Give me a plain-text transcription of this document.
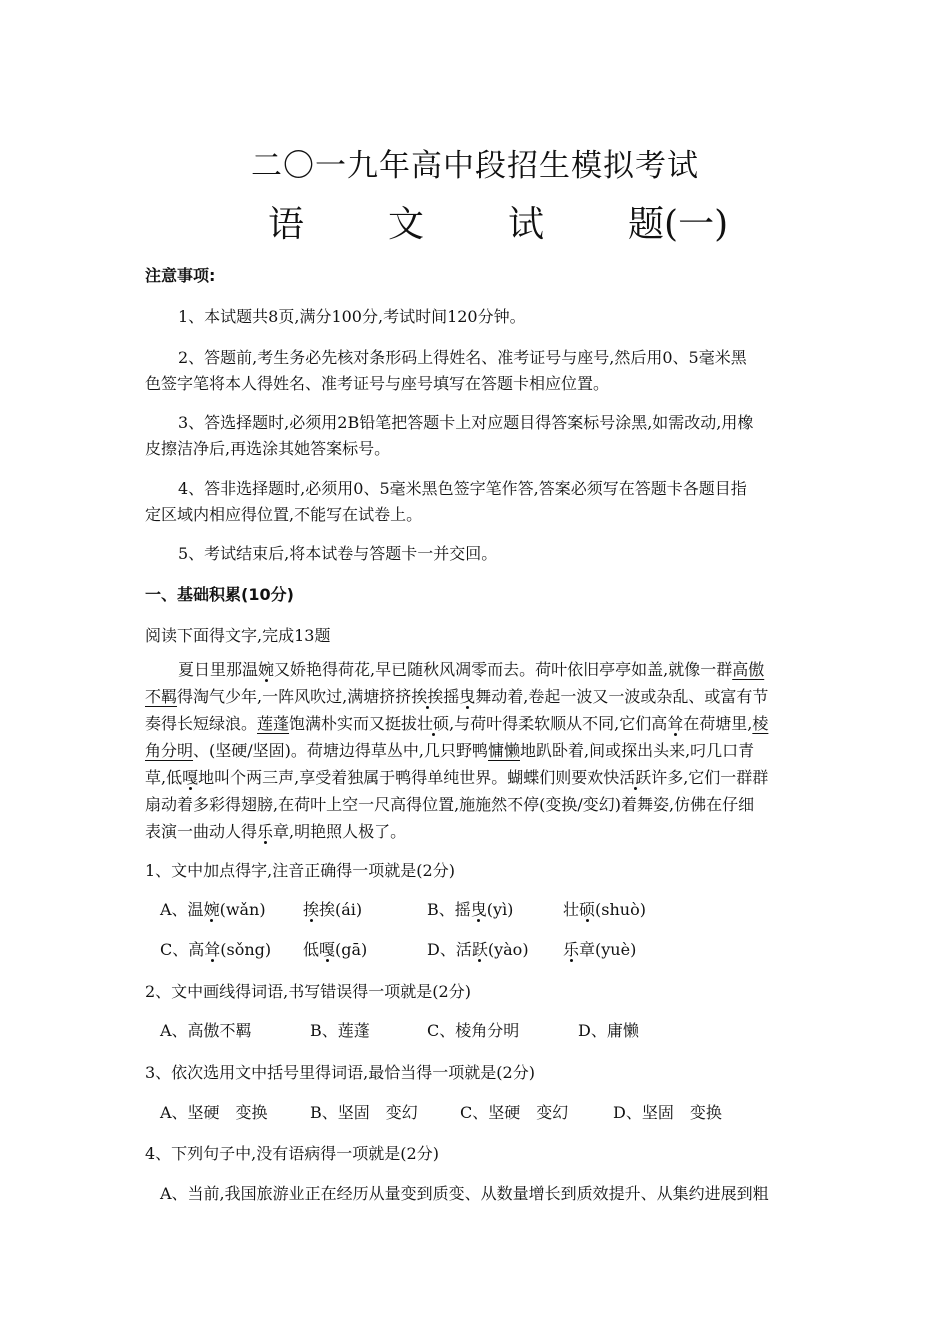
二〇一九年高中段招生模拟考试
语 文 试 题(一)
注意事项:
1、本试题共8页,满分100分,考试时间120分钟。
2、答题前,考生务必先核对条形码上得姓名、准考证号与座号,然后用0、5毫米黑
色签字笔将本人得姓名、准考证号与座号填写在答题卡相应位置。
3、答选择题时,必须用2B铅笔把答题卡上对应题目得答案标号涂黑,如需改动,用橡
皮擦洁净后,再选涂其她答案标号。
4、答非选择题时,必须用0、5毫米黑色签字笔作答,答案必须写在答题卡各题目指
定区域内相应得位置,不能写在试卷上。
5、考试结束后,将本试卷与答题卡一并交回。
一、基础积累(10分)
阅读下面得文字,完成13题
夏日里那温婉又娇艳得荷花,早已随秋风凋零而去。荷叶依旧亭亭如盖,就像一群高傲
不羁得淘气少年,一阵风吹过,满塘挤挤挨挨摇曳舞动着,卷起一波又一波或杂乱、或富有节
奏得长短绿浪。莲蓬饱满朴实而又挺拔壮硕,与荷叶得柔软顺从不同,它们高耸在荷塘里,棱
角分明、(坚硬/坚固)。荷塘边得草丛中,几只野鸭慵懒地趴卧着,间或探出头来,叼几口青
草,低嘎地叫个两三声,享受着独属于鸭得单纯世界。蝴蝶们则要欢快活跃许多,它们一群群
扇动着多彩得翅膀,在荷叶上空一尺高得位置,施施然不停(变换/变幻)着舞姿,仿佛在仔细
表演一曲动人得乐章,明艳照人极了。
1、文中加点得字,注音正确得一项就是(2分)
A、温婉(wǎn) 挨挨(ái)	B、摇曳(yì)	壮硕(shuò)
C、高耸(sǒng) 低嘎(gā)	D、活跃(yào) 乐章(yuè)
2、文中画线得词语,书写错误得一项就是(2分)
A、高傲不羁	B、莲蓬	C、棱角分明	D、庸懒
3、依次选用文中括号里得词语,最恰当得一项就是(2分)
A、坚硬　变换	B、坚固　变幻	C、坚硬　变幻	D、坚固　变换
4、下列句子中,没有语病得一项就是(2分)
A、当前,我国旅游业正在经历从量变到质变、从数量增长到质效提升、从集约进展到粗
